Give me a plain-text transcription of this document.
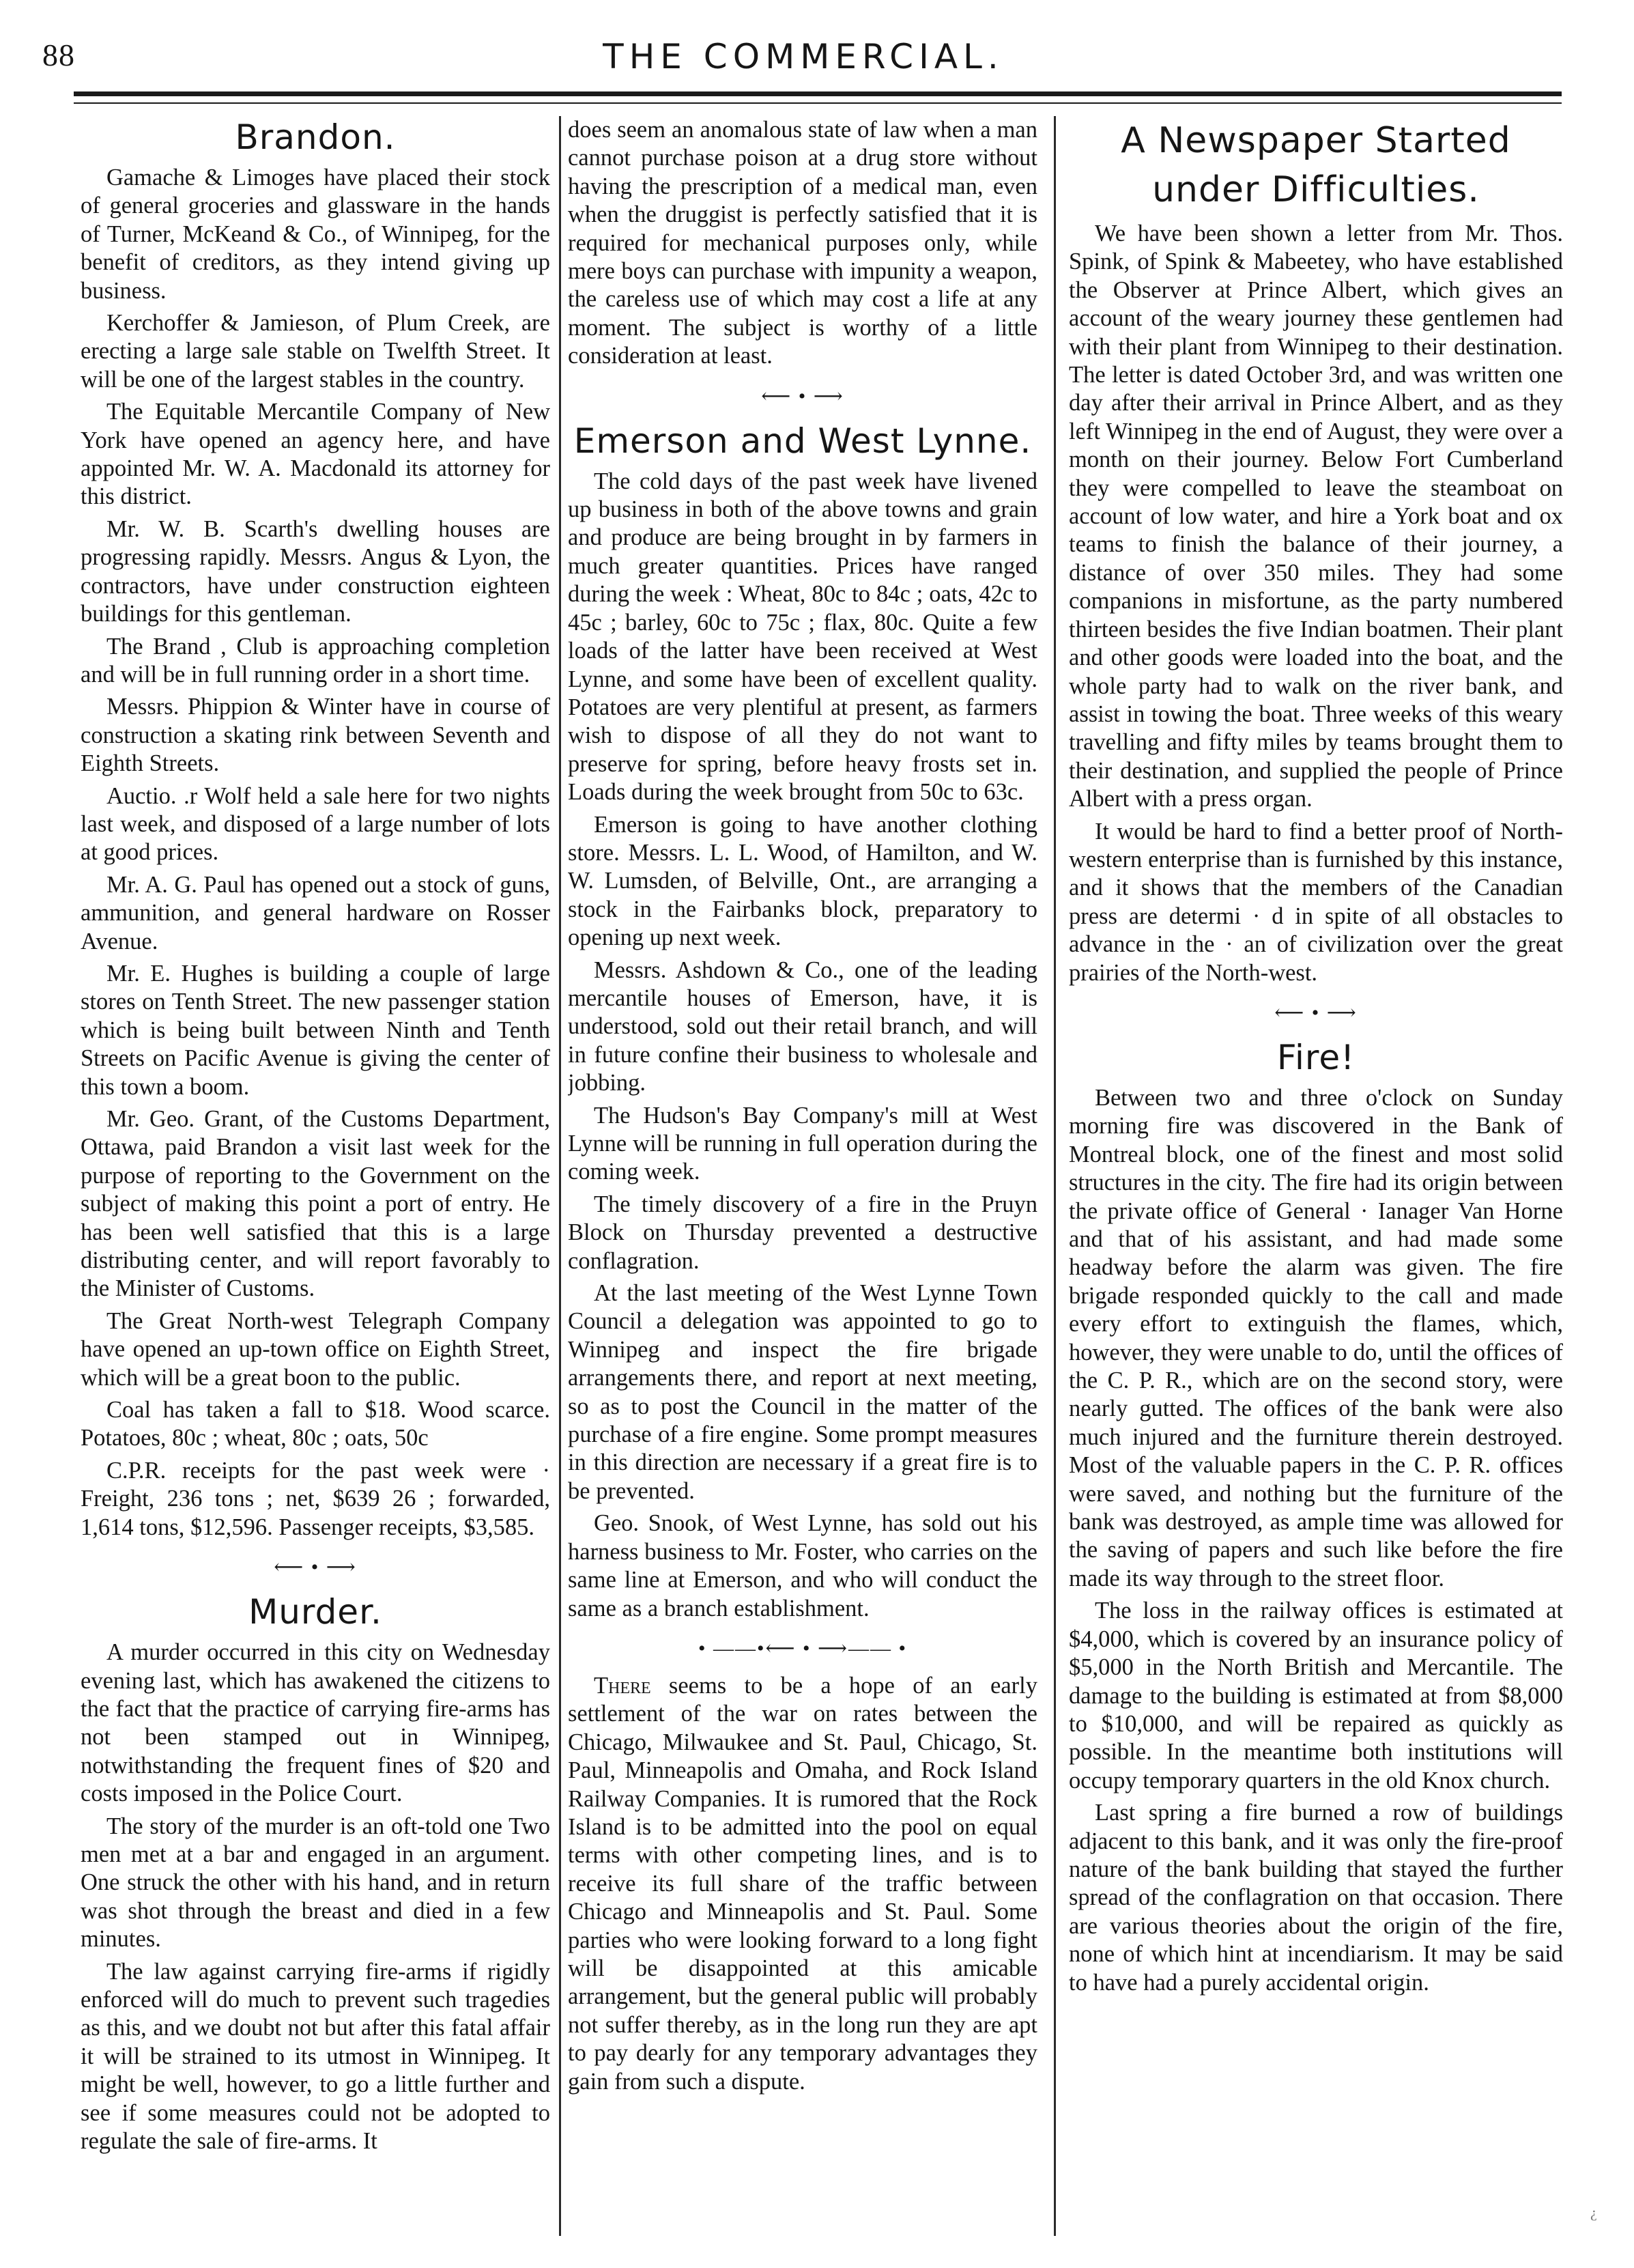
88	THE COMMERCIAL.
Brandon.

Gamache & Limoges have placed their stock of general groceries and glassware in the hands of Turner, McKeand & Co., of Winnipeg, for the benefit of creditors, as they intend giving up business.

Kerchoffer & Jamieson, of Plum Creek, are erecting a large sale stable on Twelfth Street. It will be one of the largest stables in the country.

The Equitable Mercantile Company of New York have opened an agency here, and have appointed Mr. W. A. Macdonald its attorney for this district.

Mr. W. B. Scarth's dwelling houses are progressing rapidly. Messrs. Angus & Lyon, the contractors, have under construction eighteen buildings for this gentleman.

The Brand , Club is approaching completion and will be in full running order in a short time.

Messrs. Phippion & Winter have in course of construction a skating rink between Seventh and Eighth Streets.

Auctio. .r Wolf held a sale here for two nights last week, and disposed of a large number of lots at good prices.

Mr. A. G. Paul has opened out a stock of guns, ammunition, and general hardware on Rosser Avenue.

Mr. E. Hughes is building a couple of large stores on Tenth Street. The new passenger station which is being built between Ninth and Tenth Streets on Pacific Avenue is giving the center of this town a boom.

Mr. Geo. Grant, of the Customs Department, Ottawa, paid Brandon a visit last week for the purpose of reporting to the Government on the subject of making this point a port of entry. He has been well satisfied that this is a large distributing center, and will report favorably to the Minister of Customs.

The Great North-west Telegraph Company have opened an up-town office on Eighth Street, which will be a great boon to the public.

Coal has taken a fall to $18. Wood scarce. Potatoes, 80c ; wheat, 80c ; oats, 50c

C.P.R. receipts for the past week were · Freight, 236 tons ; net, $639 26 ; forwarded, 1,614 tons, $12,596. Passenger receipts, $3,585.

⟵ • ⟶
Murder.

A murder occurred in this city on Wednesday evening last, which has awakened the citizens to the fact that the practice of carrying fire-arms has not been stamped out in Winnipeg, notwithstanding the frequent fines of $20 and costs imposed in the Police Court.

The story of the murder is an oft-told one Two men met at a bar and engaged in an argument. One struck the other with his hand, and in return was shot through the breast and died in a few minutes.

The law against carrying fire-arms if rigidly enforced will do much to prevent such tragedies as this, and we doubt not but after this fatal affair it will be strained to its utmost in Winnipeg. It might be well, however, to go a little further and see if some measures could not be adopted to regulate the sale of fire-arms. It

does seem an anomalous state of law when a man cannot purchase poison at a drug store without having the prescription of a medical man, even when the druggist is perfectly satisfied that it is required for mechanical purposes only, while mere boys can purchase with impunity a weapon, the careless use of which may cost a life at any moment. The subject is worthy of a little consideration at least.

⟵ • ⟶
Emerson and West Lynne.

The cold days of the past week have livened up business in both of the above towns and grain and produce are being brought in by farmers in much greater quantities. Prices have ranged during the week : Wheat, 80c to 84c ; oats, 42c to 45c ; barley, 60c to 75c ; flax, 80c. Quite a few loads of the latter have been received at West Lynne, and some have been of excellent quality. Potatoes are very plentiful at present, as farmers wish to dispose of all they do not want to preserve for spring, before heavy frosts set in. Loads during the week brought from 50c to 63c.

Emerson is going to have another clothing store. Messrs. L. L. Wood, of Hamilton, and W. W. Lumsden, of Belville, Ont., are arranging a stock in the Fairbanks block, preparatory to opening up next week.

Messrs. Ashdown & Co., one of the leading mercantile houses of Emerson, have, it is understood, sold out their retail branch, and will in future confine their business to wholesale and jobbing.

The Hudson's Bay Company's mill at West Lynne will be running in full operation during the coming week.

The timely discovery of a fire in the Pruyn Block on Thursday prevented a destructive conflagration.

At the last meeting of the West Lynne Town Council a delegation was appointed to go to Winnipeg and inspect the fire brigade arrangements there, and report at next meeting, so as to post the Council in the matter of the purchase of a fire engine. Some prompt measures in this direction are necessary if a great fire is to be prevented.

Geo. Snook, of West Lynne, has sold out his harness business to Mr. Foster, who carries on the same line at Emerson, and who will conduct the same as a branch establishment.

• ——•⟵ • ⟶—— •

There seems to be a hope of an early settlement of the war on rates between the Chicago, Milwaukee and St. Paul, Chicago, St. Paul, Minneapolis and Omaha, and Rock Island Railway Companies. It is rumored that the Rock Island is to be admitted into the pool on equal terms with other competing lines, and is to receive its full share of the traffic between Chicago and Minneapolis and St. Paul. Some parties who were looking forward to a long fight will be disappointed at this amicable arrangement, but the general public will probably not suffer thereby, as in the long run they are apt to pay dearly for any temporary advantages they gain from such a dispute.

A Newspaper Started under Difficulties.

We have been shown a letter from Mr. Thos. Spink, of Spink & Mabeetey, who have established the Observer at Prince Albert, which gives an account of the weary journey these gentlemen had with their plant from Winnipeg to their destination. The letter is dated October 3rd, and was written one day after their arrival in Prince Albert, and as they left Winnipeg in the end of August, they were over a month on their journey. Below Fort Cumberland they were compelled to leave the steamboat on account of low water, and hire a York boat and ox teams to finish the balance of their journey, a distance of over 350 miles. They had some companions in misfortune, as the party numbered thirteen besides the five Indian boatmen. Their plant and other goods were loaded into the boat, and the whole party had to walk on the river bank, and assist in towing the boat. Three weeks of this weary travelling and fifty miles by teams brought them to their destination, and supplied the people of Prince Albert with a press organ.

It would be hard to find a better proof of North-western enterprise than is furnished by this instance, and it shows that the members of the Canadian press are determi · d in spite of all obstacles to advance in the · an of civilization over the great prairies of the North-west.

⟵ • ⟶
Fire!

Between two and three o'clock on Sunday morning fire was discovered in the Bank of Montreal block, one of the finest and most solid structures in the city. The fire had its origin between the private office of General · Ianager Van Horne and that of his assistant, and had made some headway before the alarm was given. The fire brigade responded quickly to the call and made every effort to extinguish the flames, which, however, they were unable to do, until the offices of the C. P. R., which are on the second story, were nearly gutted. The offices of the bank were also much injured and the furniture therein destroyed. Most of the valuable papers in the C. P. R. offices were saved, and nothing but the furniture of the bank was destroyed, as ample time was allowed for the saving of papers and such like before the fire made its way through to the street floor.

The loss in the railway offices is estimated at $4,000, which is covered by an insurance policy of $5,000 in the North British and Mercantile. The damage to the building is estimated at from $8,000 to $10,000, and will be repaired as quickly as possible. In the meantime both institutions will occupy temporary quarters in the old Knox church.

Last spring a fire burned a row of buildings adjacent to this bank, and it was only the fire-proof nature of the bank building that stayed the further spread of the conflagration on that occasion. There are various theories about the origin of the fire, none of which hint at incendiarism. It may be said to have had a purely accidental origin.

¿
